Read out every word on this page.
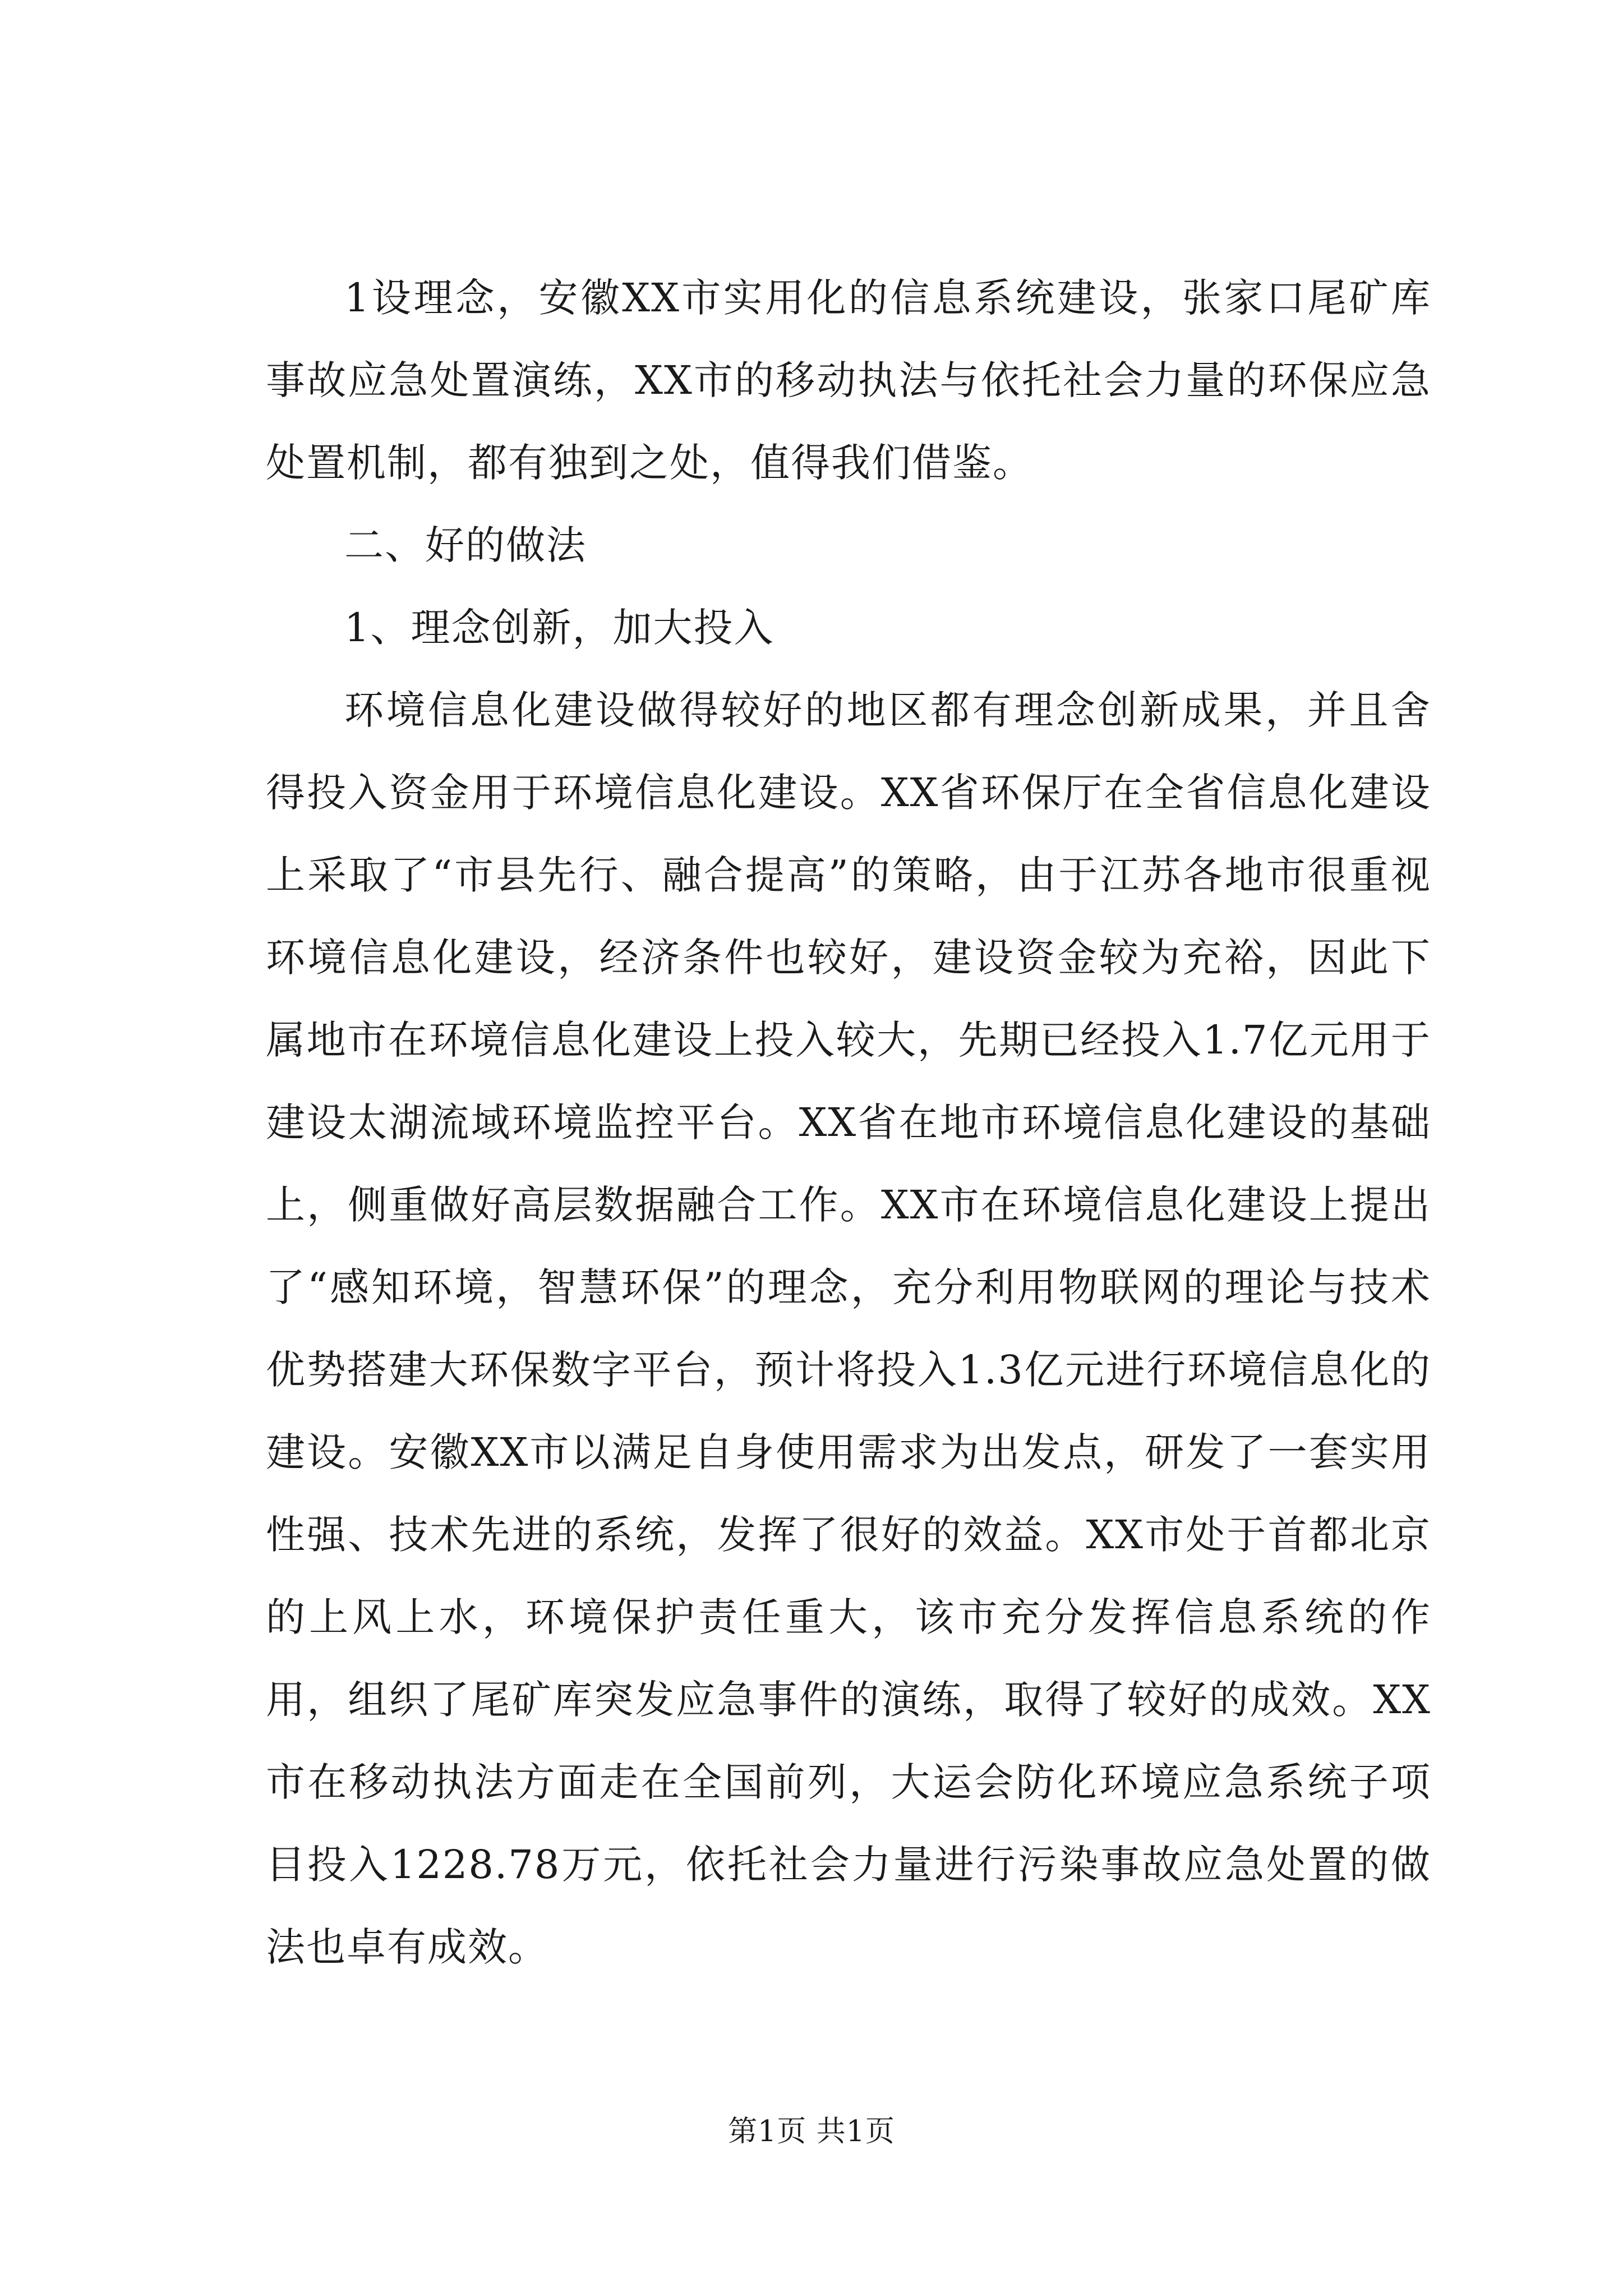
1设理念，安徽XX市实用化的信息系统建设，张家口尾矿库事故应急处置演练，XX市的移动执法与依托社会力量的环保应急处置机制，都有独到之处，值得我们借鉴。

二、好的做法

1、理念创新，加大投入

环境信息化建设做得较好的地区都有理念创新成果，并且舍得投入资金用于环境信息化建设。XX省环保厅在全省信息化建设上采取了“市县先行、融合提高”的策略，由于江苏各地市很重视环境信息化建设，经济条件也较好，建设资金较为充裕，因此下属地市在环境信息化建设上投入较大，先期已经投入1.7亿元用于建设太湖流域环境监控平台。XX省在地市环境信息化建设的基础上，侧重做好高层数据融合工作。XX市在环境信息化建设上提出了“感知环境，智慧环保”的理念，充分利用物联网的理论与技术优势搭建大环保数字平台，预计将投入1.3亿元进行环境信息化的建设。安徽XX市以满足自身使用需求为出发点，研发了一套实用性强、技术先进的系统，发挥了很好的效益。XX市处于首都北京的上风上水，环境保护责任重大，该市充分发挥信息系统的作用，组织了尾矿库突发应急事件的演练，取得了较好的成效。XX市在移动执法方面走在全国前列，大运会防化环境应急系统子项目投入1228.78万元，依托社会力量进行污染事故应急处置的做法也卓有成效。

第1页 共1页
